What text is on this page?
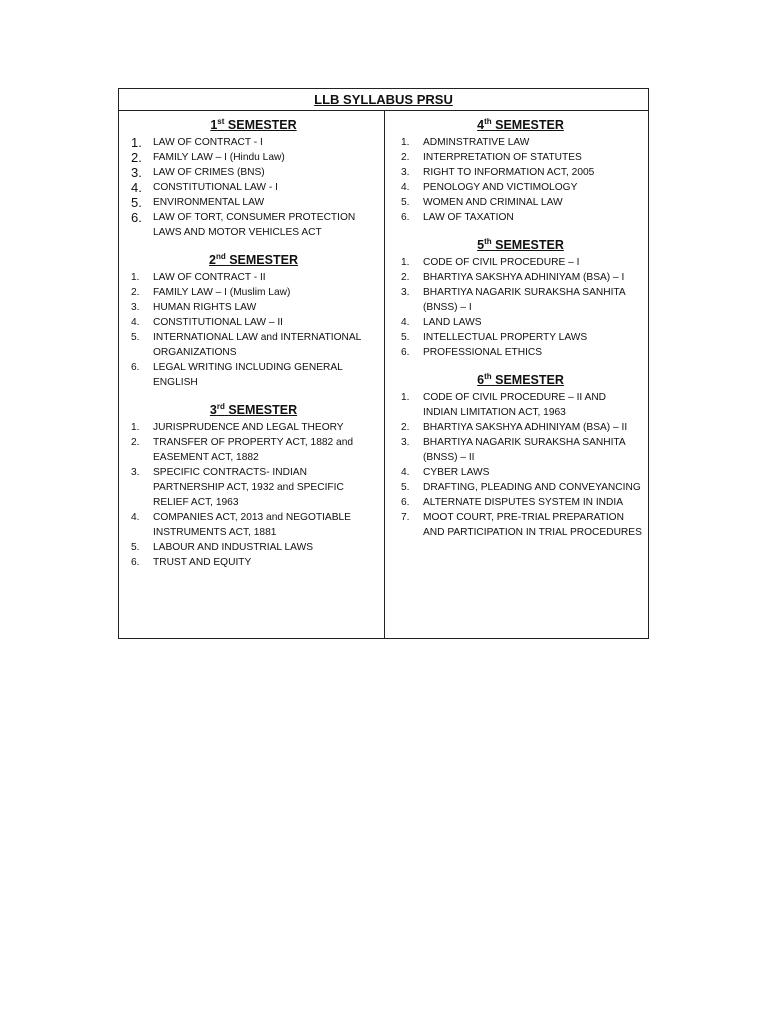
LLB SYLLABUS PRSU
1st SEMESTER
1.	LAW OF CONTRACT - I
2.	FAMILY LAW – I (Hindu Law)
3.	LAW OF CRIMES (BNS)
4.	CONSTITUTIONAL LAW - I
5.	ENVIRONMENTAL LAW
6.	LAW OF TORT, CONSUMER PROTECTION LAWS AND MOTOR VEHICLES ACT
2nd SEMESTER
1.	LAW OF CONTRACT - II
2.	FAMILY LAW – I (Muslim Law)
3.	HUMAN RIGHTS LAW
4.	CONSTITUTIONAL LAW – II
5.	INTERNATIONAL LAW and INTERNATIONAL ORGANIZATIONS
6.	LEGAL WRITING INCLUDING GENERAL ENGLISH
3rd SEMESTER
1.	JURISPRUDENCE AND LEGAL THEORY
2.	TRANSFER OF PROPERTY ACT, 1882 and EASEMENT ACT, 1882
3.	SPECIFIC CONTRACTS- INDIAN PARTNERSHIP ACT, 1932 and SPECIFIC RELIEF ACT, 1963
4.	COMPANIES ACT, 2013 and NEGOTIABLE INSTRUMENTS ACT, 1881
5.	LABOUR AND INDUSTRIAL LAWS
6.	TRUST AND EQUITY
4th SEMESTER
1.	ADMINSTRATIVE LAW
2.	INTERPRETATION OF STATUTES
3.	RIGHT TO INFORMATION ACT, 2005
4.	PENOLOGY AND VICTIMOLOGY
5.	WOMEN AND CRIMINAL LAW
6.	LAW OF TAXATION
5th SEMESTER
1.	CODE OF CIVIL PROCEDURE – I
2.	BHARTIYA SAKSHYA ADHINIYAM (BSA) – I
3.	BHARTIYA NAGARIK SURAKSHA SANHITA (BNSS) – I
4.	LAND LAWS
5.	INTELLECTUAL PROPERTY LAWS
6.	PROFESSIONAL ETHICS
6th SEMESTER
1.	CODE OF CIVIL PROCEDURE – II AND INDIAN LIMITATION ACT, 1963
2.	BHARTIYA SAKSHYA ADHINIYAM (BSA) – II
3.	BHARTIYA NAGARIK SURAKSHA SANHITA (BNSS) – II
4.	CYBER LAWS
5.	DRAFTING, PLEADING AND CONVEYANCING
6.	ALTERNATE DISPUTES SYSTEM IN INDIA
7.	MOOT COURT, PRE-TRIAL PREPARATION AND PARTICIPATION IN TRIAL PROCEDURES
